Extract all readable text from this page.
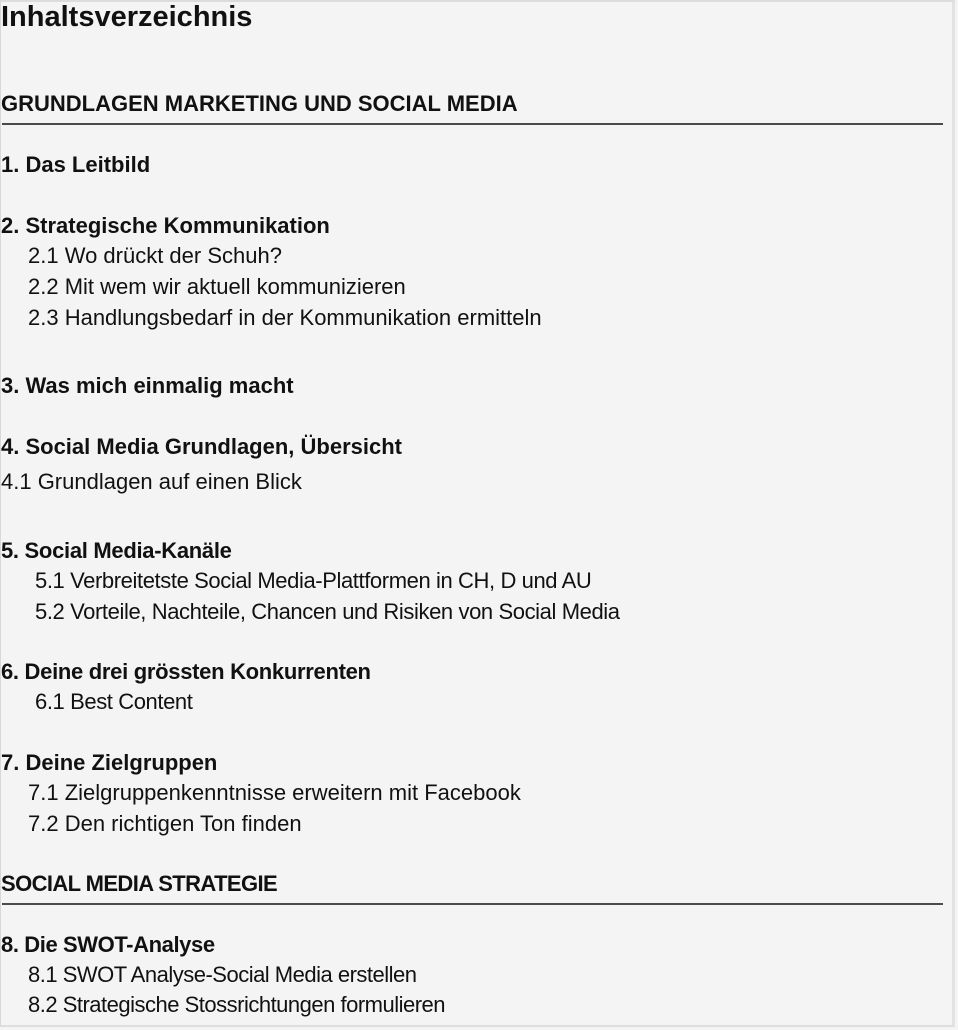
Inhaltsverzeichnis
GRUNDLAGEN MARKETING UND SOCIAL MEDIA
1. Das Leitbild
2. Strategische Kommunikation
2.1 Wo drückt der Schuh?
2.2 Mit wem wir aktuell kommunizieren
2.3 Handlungsbedarf in der Kommunikation ermitteln
3. Was mich einmalig macht
4. Social Media Grundlagen, Übersicht
4.1 Grundlagen auf einen Blick
5. Social Media-Kanäle
5.1 Verbreitetste Social Media-Plattformen in CH, D und AU
5.2 Vorteile, Nachteile, Chancen und Risiken von Social Media
6. Deine drei grössten Konkurrenten
6.1 Best Content
7. Deine Zielgruppen
7.1 Zielgruppenkenntnisse erweitern mit Facebook
7.2 Den richtigen Ton finden
SOCIAL MEDIA STRATEGIE
8. Die SWOT-Analyse
8.1 SWOT Analyse-Social Media erstellen
8.2 Strategische Stossrichtungen formulieren
